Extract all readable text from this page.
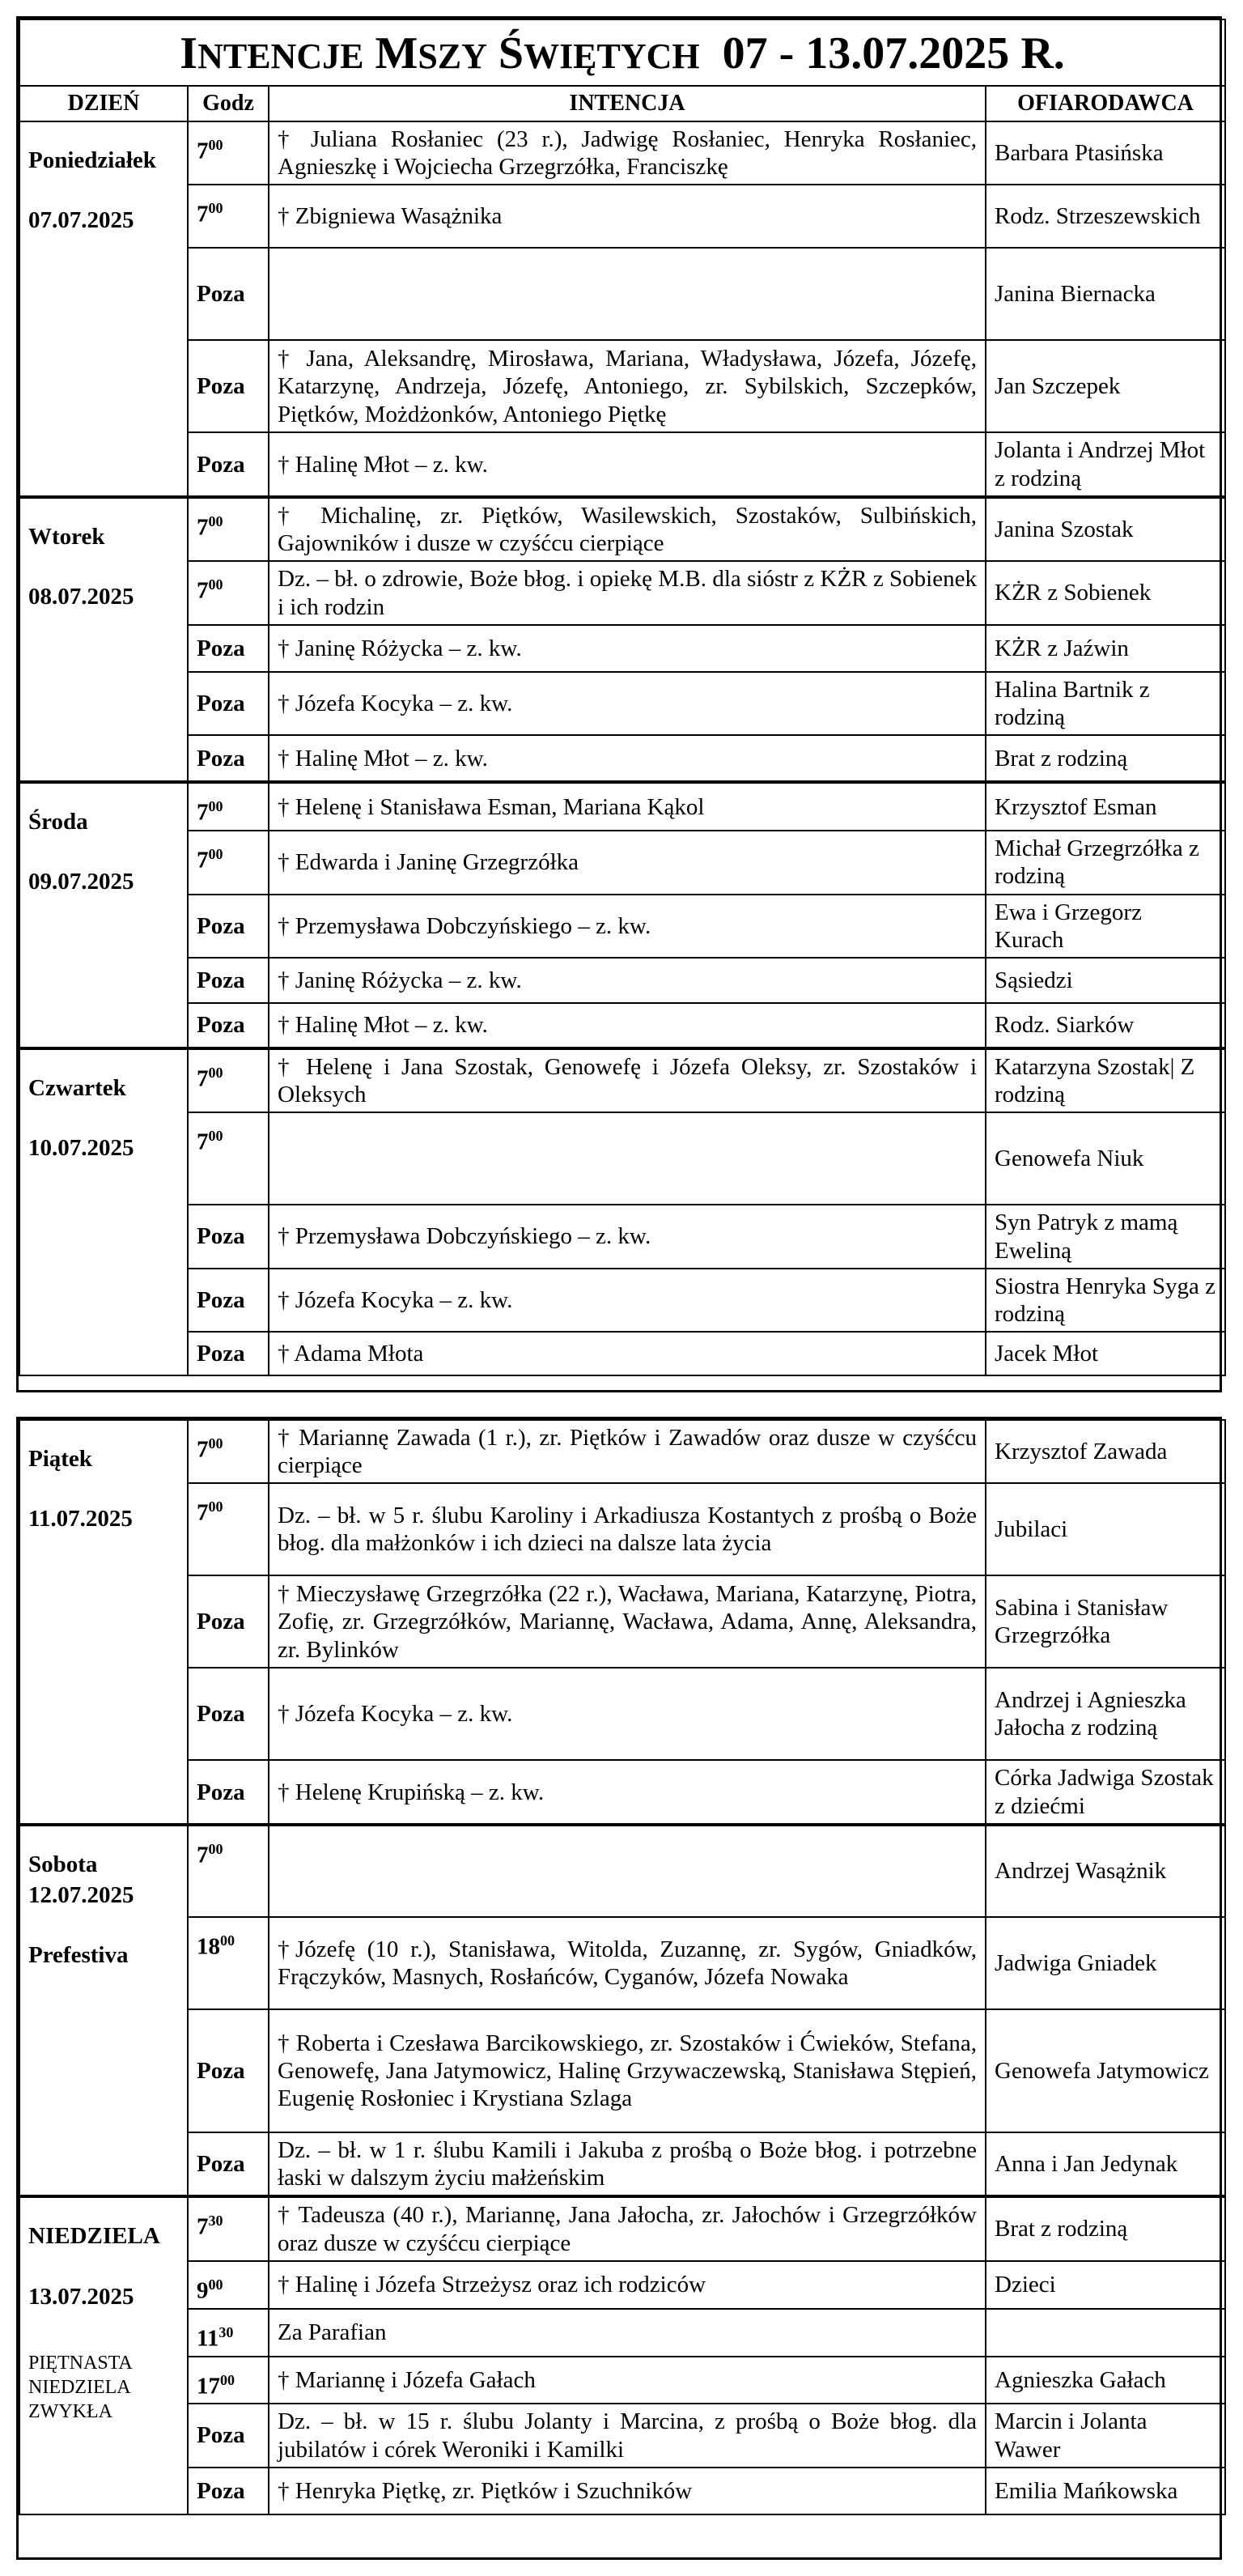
INTENCJE MSZY ŚWIĘTYCH 07 - 13.07.2025 R.			
DZIEŃ	Godz	INTENCJA	OFIARODAWCA

Poniedziałek
07.07.2025	$7^{00}$	† Juliana Rosłaniec (23 r.), Jadwigę Rosłaniec, Henryka Rosłaniec, Agnieszkę i Wojciecha Grzegrzółka, Franciszkę	Barbara Ptasińska
	$7^{00}$	† Zbigniewa Wasążnika	Rodz. Strzeszewskich
	Poza		Janina Biernacka
	Poza	† Jana, Aleksandrę, Mirosława, Mariana, Władysława, Józefa, Józefę, Katarzynę, Andrzeja, Józefę, Antoniego, zr. Sybilskich, Szczepków, Piętków, Możdżonków, Antoniego Piętkę	Jan Szczepek
	Poza	† Halinę Młot – z. kw.	Jolanta i Andrzej Młot z rodziną

Wtorek
08.07.2025	$7^{00}$	† Michalinę, zr. Piętków, Wasilewskich, Szostaków, Sulbińskich, Gajowników i dusze w czyśćcu cierpiące	Janina Szostak
	$7^{00}$	Dz. – bł. o zdrowie, Boże błog. i opiekę M.B. dla sióstr z KŻR z Sobienek i ich rodzin	KŻR z Sobienek
	Poza	† Janinę Różycka – z. kw.	KŻR z Jaźwin
	Poza	† Józefa Kocyka – z. kw.	Halina Bartnik z rodziną
	Poza	† Halinę Młot – z. kw.	Brat z rodziną

Środa
09.07.2025	$7^{00}$	† Helenę i Stanisława Esman, Mariana Kąkol	Krzysztof Esman
	$7^{00}$	† Edwarda i Janinę Grzegrzółka	Michał Grzegrzółka z rodziną
	Poza	† Przemysława Dobczyńskiego – z. kw.	Ewa i Grzegorz Kurach
	Poza	† Janinę Różycka – z. kw.	Sąsiedzi
	Poza	† Halinę Młot – z. kw.	Rodz. Siarków

Czwartek
10.07.2025	$7^{00}$	† Helenę i Jana Szostak, Genowefę i Józefa Oleksy, zr. Szostaków i Oleksych	Katarzyna Szostak| Z rodziną
	$7^{00}$		Genowefa Niuk
	Poza	† Przemysława Dobczyńskiego – z. kw.	Syn Patryk z mamą Eweliną
	Poza	† Józefa Kocyka – z. kw.	Siostra Henryka Syga z rodziną
	Poza	† Adama Młota	Jacek Młot
Piątek
11.07.2025	$7^{00}$	† Mariannę Zawada (1 r.), zr. Piętków i Zawadów oraz dusze w czyśćcu cierpiące	Krzysztof Zawada
	$7^{00}$	Dz. – bł. w 5 r. ślubu Karoliny i Arkadiusza Kostantych z prośbą o Boże błog. dla małżonków i ich dzieci na dalsze lata życia	Jubilaci
	Poza	† Mieczysławę Grzegrzółka (22 r.), Wacława, Mariana, Katarzynę, Piotra, Zofię, zr. Grzegrzółków, Mariannę, Wacława, Adama, Annę, Aleksandra, zr. Bylinków	Sabina i Stanisław Grzegrzółka
	Poza	† Józefa Kocyka – z. kw.	Andrzej i Agnieszka Jałocha z rodziną
	Poza	† Helenę Krupińską – z. kw.	Córka Jadwiga Szostak z dziećmi

Sobota
12.07.2025
Prefestiva	$7^{00}$		Andrzej Wasążnik
	$18^{00}$	†Józefę (10 r.), Stanisława, Witolda, Zuzannę, zr. Sygów, Gniadków, Frączyków, Masnych, Rosłańców, Cyganów, Józefa Nowaka	Jadwiga Gniadek
	Poza	† Roberta i Czesława Barcikowskiego, zr. Szostaków i Ćwieków, Stefana, Genowefę, Jana Jatymowicz, Halinę Grzywaczewską, Stanisława Stępień, Eugenię Rosłoniec i Krystiana Szlaga	Genowefa Jatymowicz
	Poza	Dz. – bł. w 1 r. ślubu Kamili i Jakuba z prośbą o Boże błog. i potrzebne łaski w dalszym życiu małżeńskim	Anna i Jan Jedynak

NIEDZIELA
13.07.2025
PIĘTNASTA NIEDZIELA ZWYKŁA	$7^{30}$	† Tadeusza (40 r.), Mariannę, Jana Jałocha, zr. Jałochów i Grzegrzółków oraz dusze w czyśćcu cierpiące	Brat z rodziną
	$9^{00}$	† Halinę i Józefa Strzeżysz oraz ich rodziców	Dzieci
	$11^{30}$	Za Parafian	
	$17^{00}$	† Mariannę i Józefa Gałach	Agnieszka Gałach
	Poza	Dz. – bł. w 15 r. ślubu Jolanty i Marcina, z prośbą o Boże błog. dla jubilatów i córek Weroniki i Kamilki	Marcin i Jolanta Wawer
	Poza	† Henryka Piętkę, zr. Piętków i Szuchników	Emilia Mańkowska
